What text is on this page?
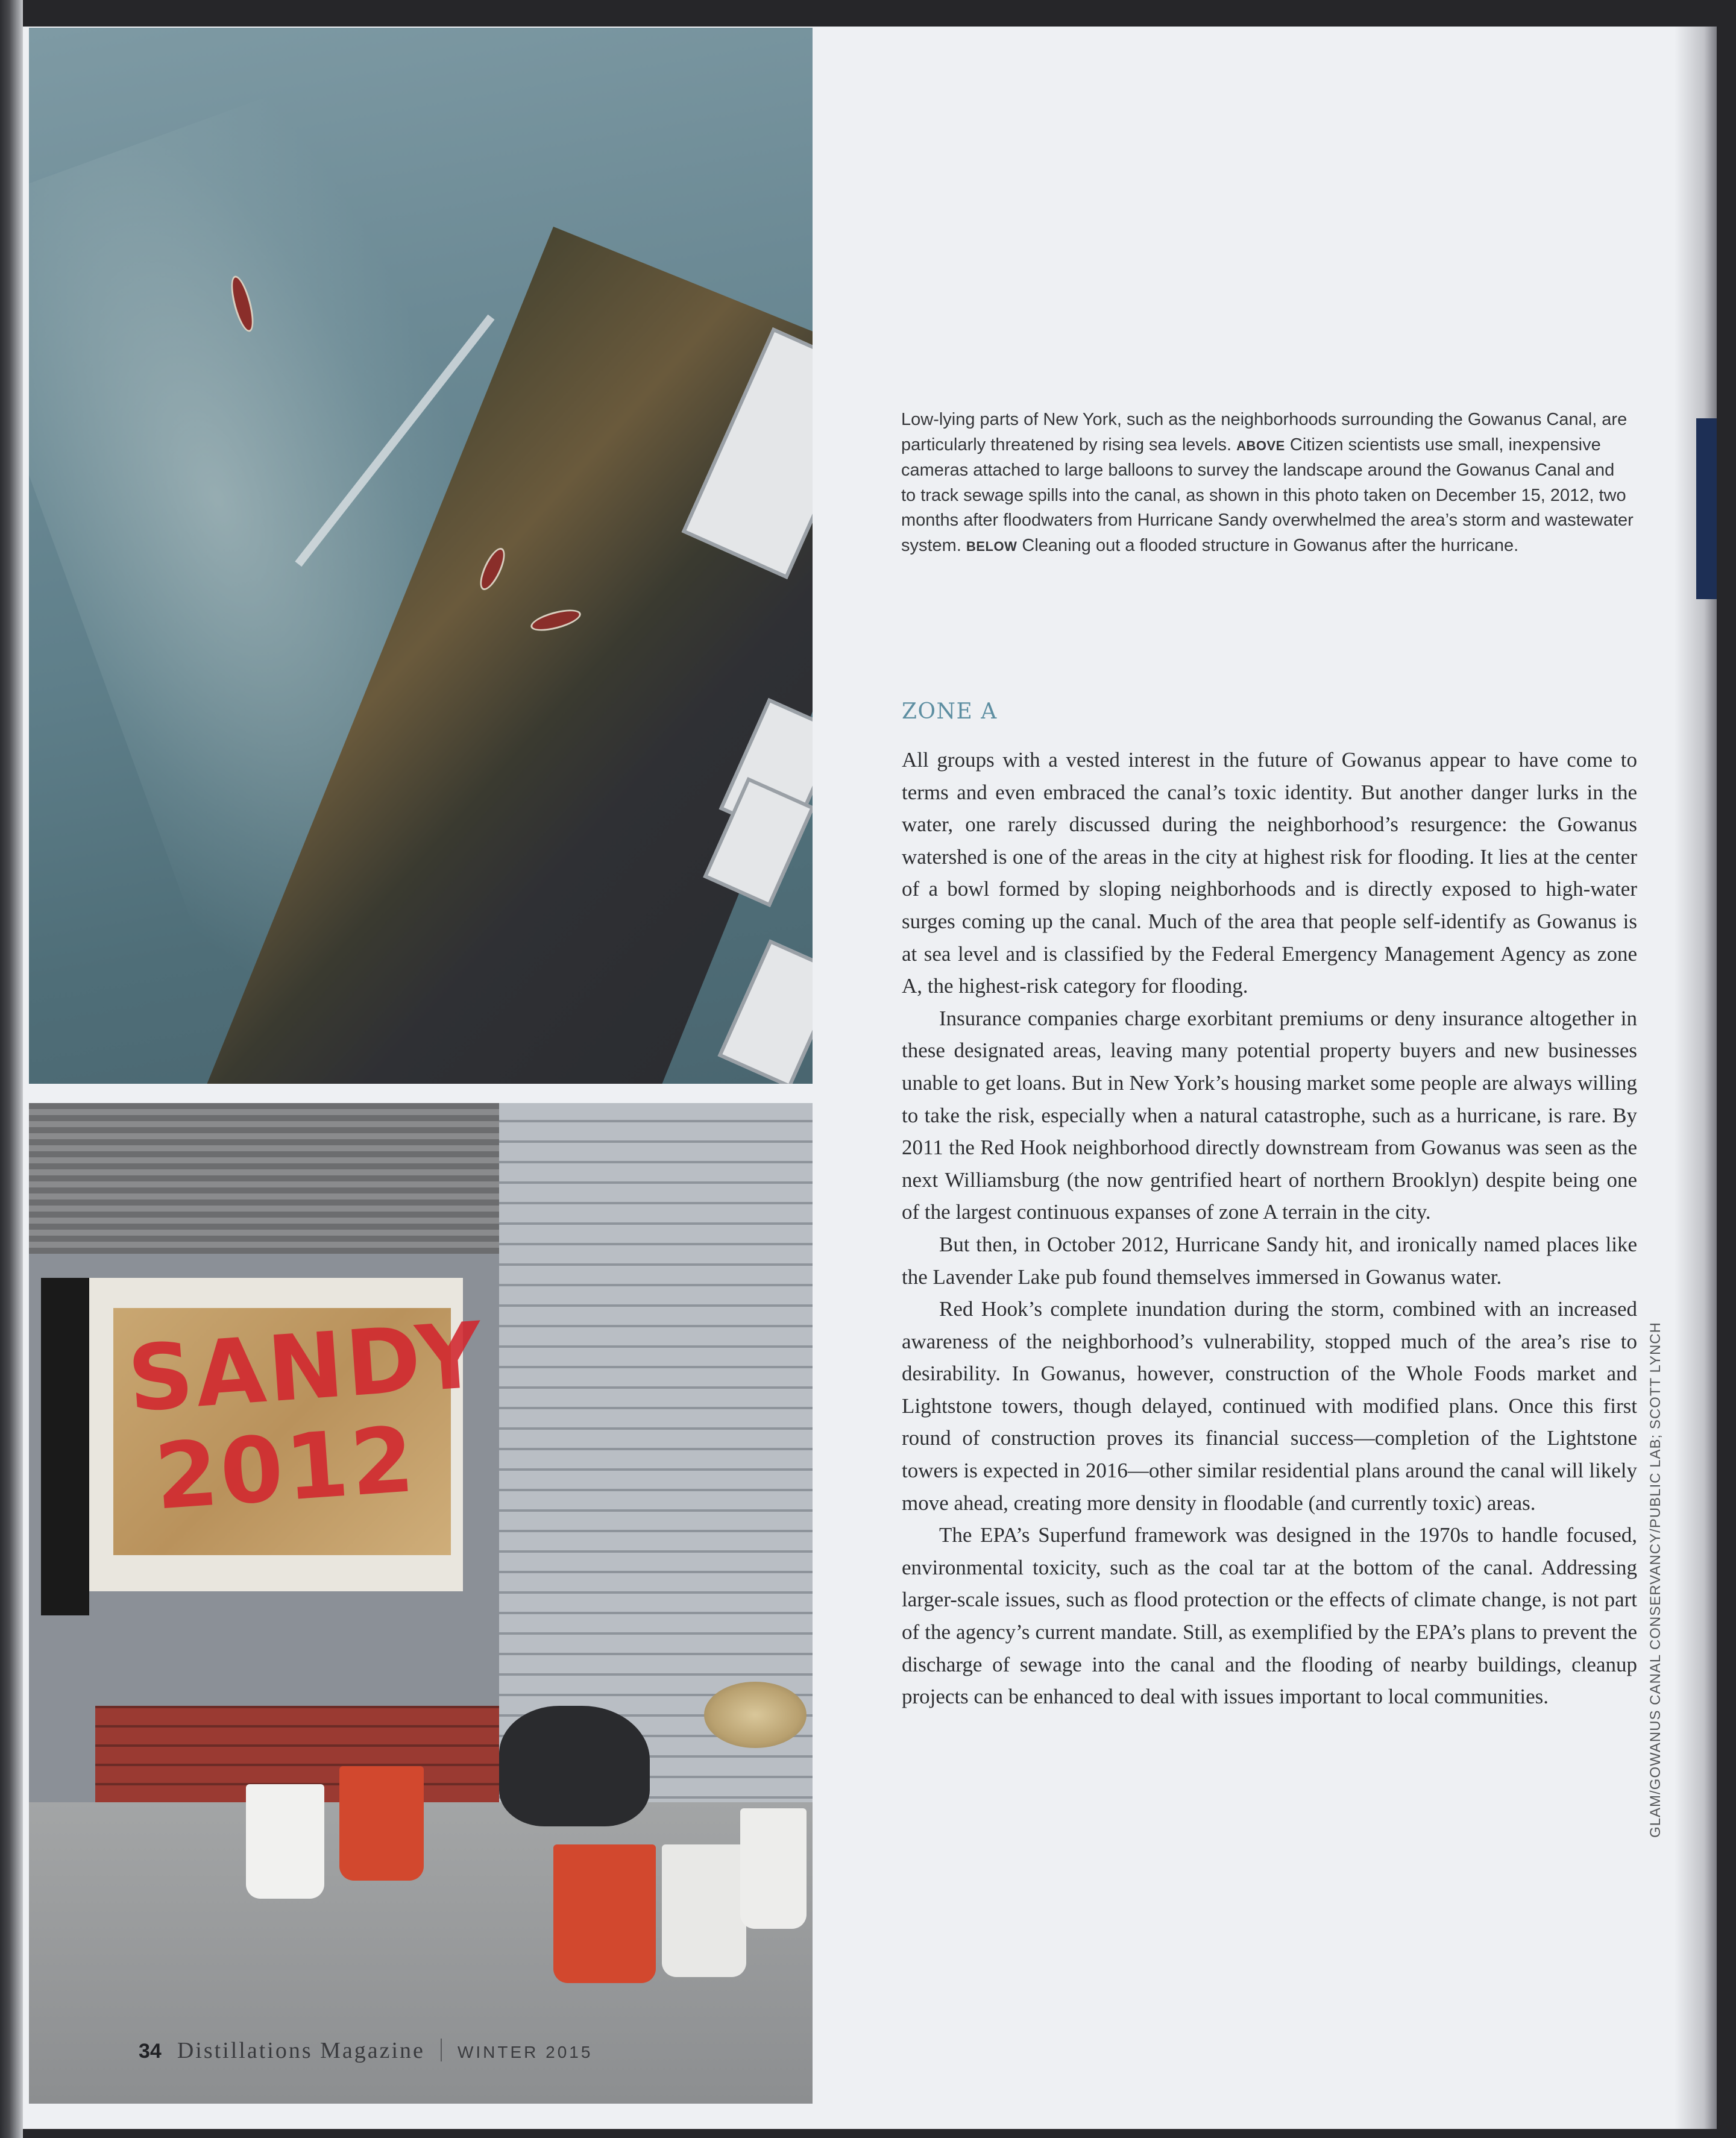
SANDY
2012

Low-lying parts of New York, such as the neighborhoods surrounding the Gowanus Canal, are particularly threatened by rising sea levels. ABOVE Citizen scientists use small, inexpensive cameras attached to large balloons to survey the landscape around the Gowanus Canal and to track sewage spills into the canal, as shown in this photo taken on December 15, 2012, two months after floodwaters from Hurricane Sandy overwhelmed the area’s storm and wastewater system. BELOW Cleaning out a flooded structure in Gowanus after the hurricane.

ZONE A

All groups with a vested interest in the future of Gowanus appear to have come to terms and even embraced the canal’s toxic identity. But another danger lurks in the water, one rarely discussed during the neighborhood’s resurgence: the Gowanus watershed is one of the areas in the city at highest risk for flooding. It lies at the center of a bowl formed by sloping neighborhoods and is directly exposed to high-water surges coming up the canal. Much of the area that people self-identify as Gowanus is at sea level and is classified by the Federal Emergency Management Agency as zone A, the highest-risk category for flooding.

Insurance companies charge exorbitant premiums or deny insurance altogether in these designated areas, leaving many potential property buyers and new businesses unable to get loans. But in New York’s housing market some people are always willing to take the risk, especially when a natural catastrophe, such as a hurricane, is rare. By 2011 the Red Hook neighborhood directly downstream from Gowanus was seen as the next Williamsburg (the now gentrified heart of northern Brooklyn) despite being one of the largest continuous expanses of zone A terrain in the city.

But then, in October 2012, Hurricane Sandy hit, and ironically named places like the Lavender Lake pub found themselves immersed in Gowanus water.

Red Hook’s complete inundation during the storm, combined with an increased awareness of the neighborhood’s vulnerability, stopped much of the area’s rise to desirability. In Gowanus, however, construction of the Whole Foods market and Lightstone towers, though delayed, continued with modified plans. Once this first round of construction proves its financial success—completion of the Lightstone towers is expected in 2016—other similar residential plans around the canal will likely move ahead, creating more density in floodable (and currently toxic) areas.

The EPA’s Superfund framework was designed in the 1970s to handle focused, environmental toxicity, such as the coal tar at the bottom of the canal. Addressing larger-scale issues, such as flood protection or the effects of climate change, is not part of the agency’s current mandate. Still, as exemplified by the EPA’s plans to prevent the discharge of sewage into the canal and the flooding of nearby buildings, cleanup projects can be enhanced to deal with issues important to local communities.	GLAM/GOWANUS CANAL CONSERVANCY/PUBLIC LAB; SCOTT LYNCH
34 Distillations Magazine WINTER 2015
